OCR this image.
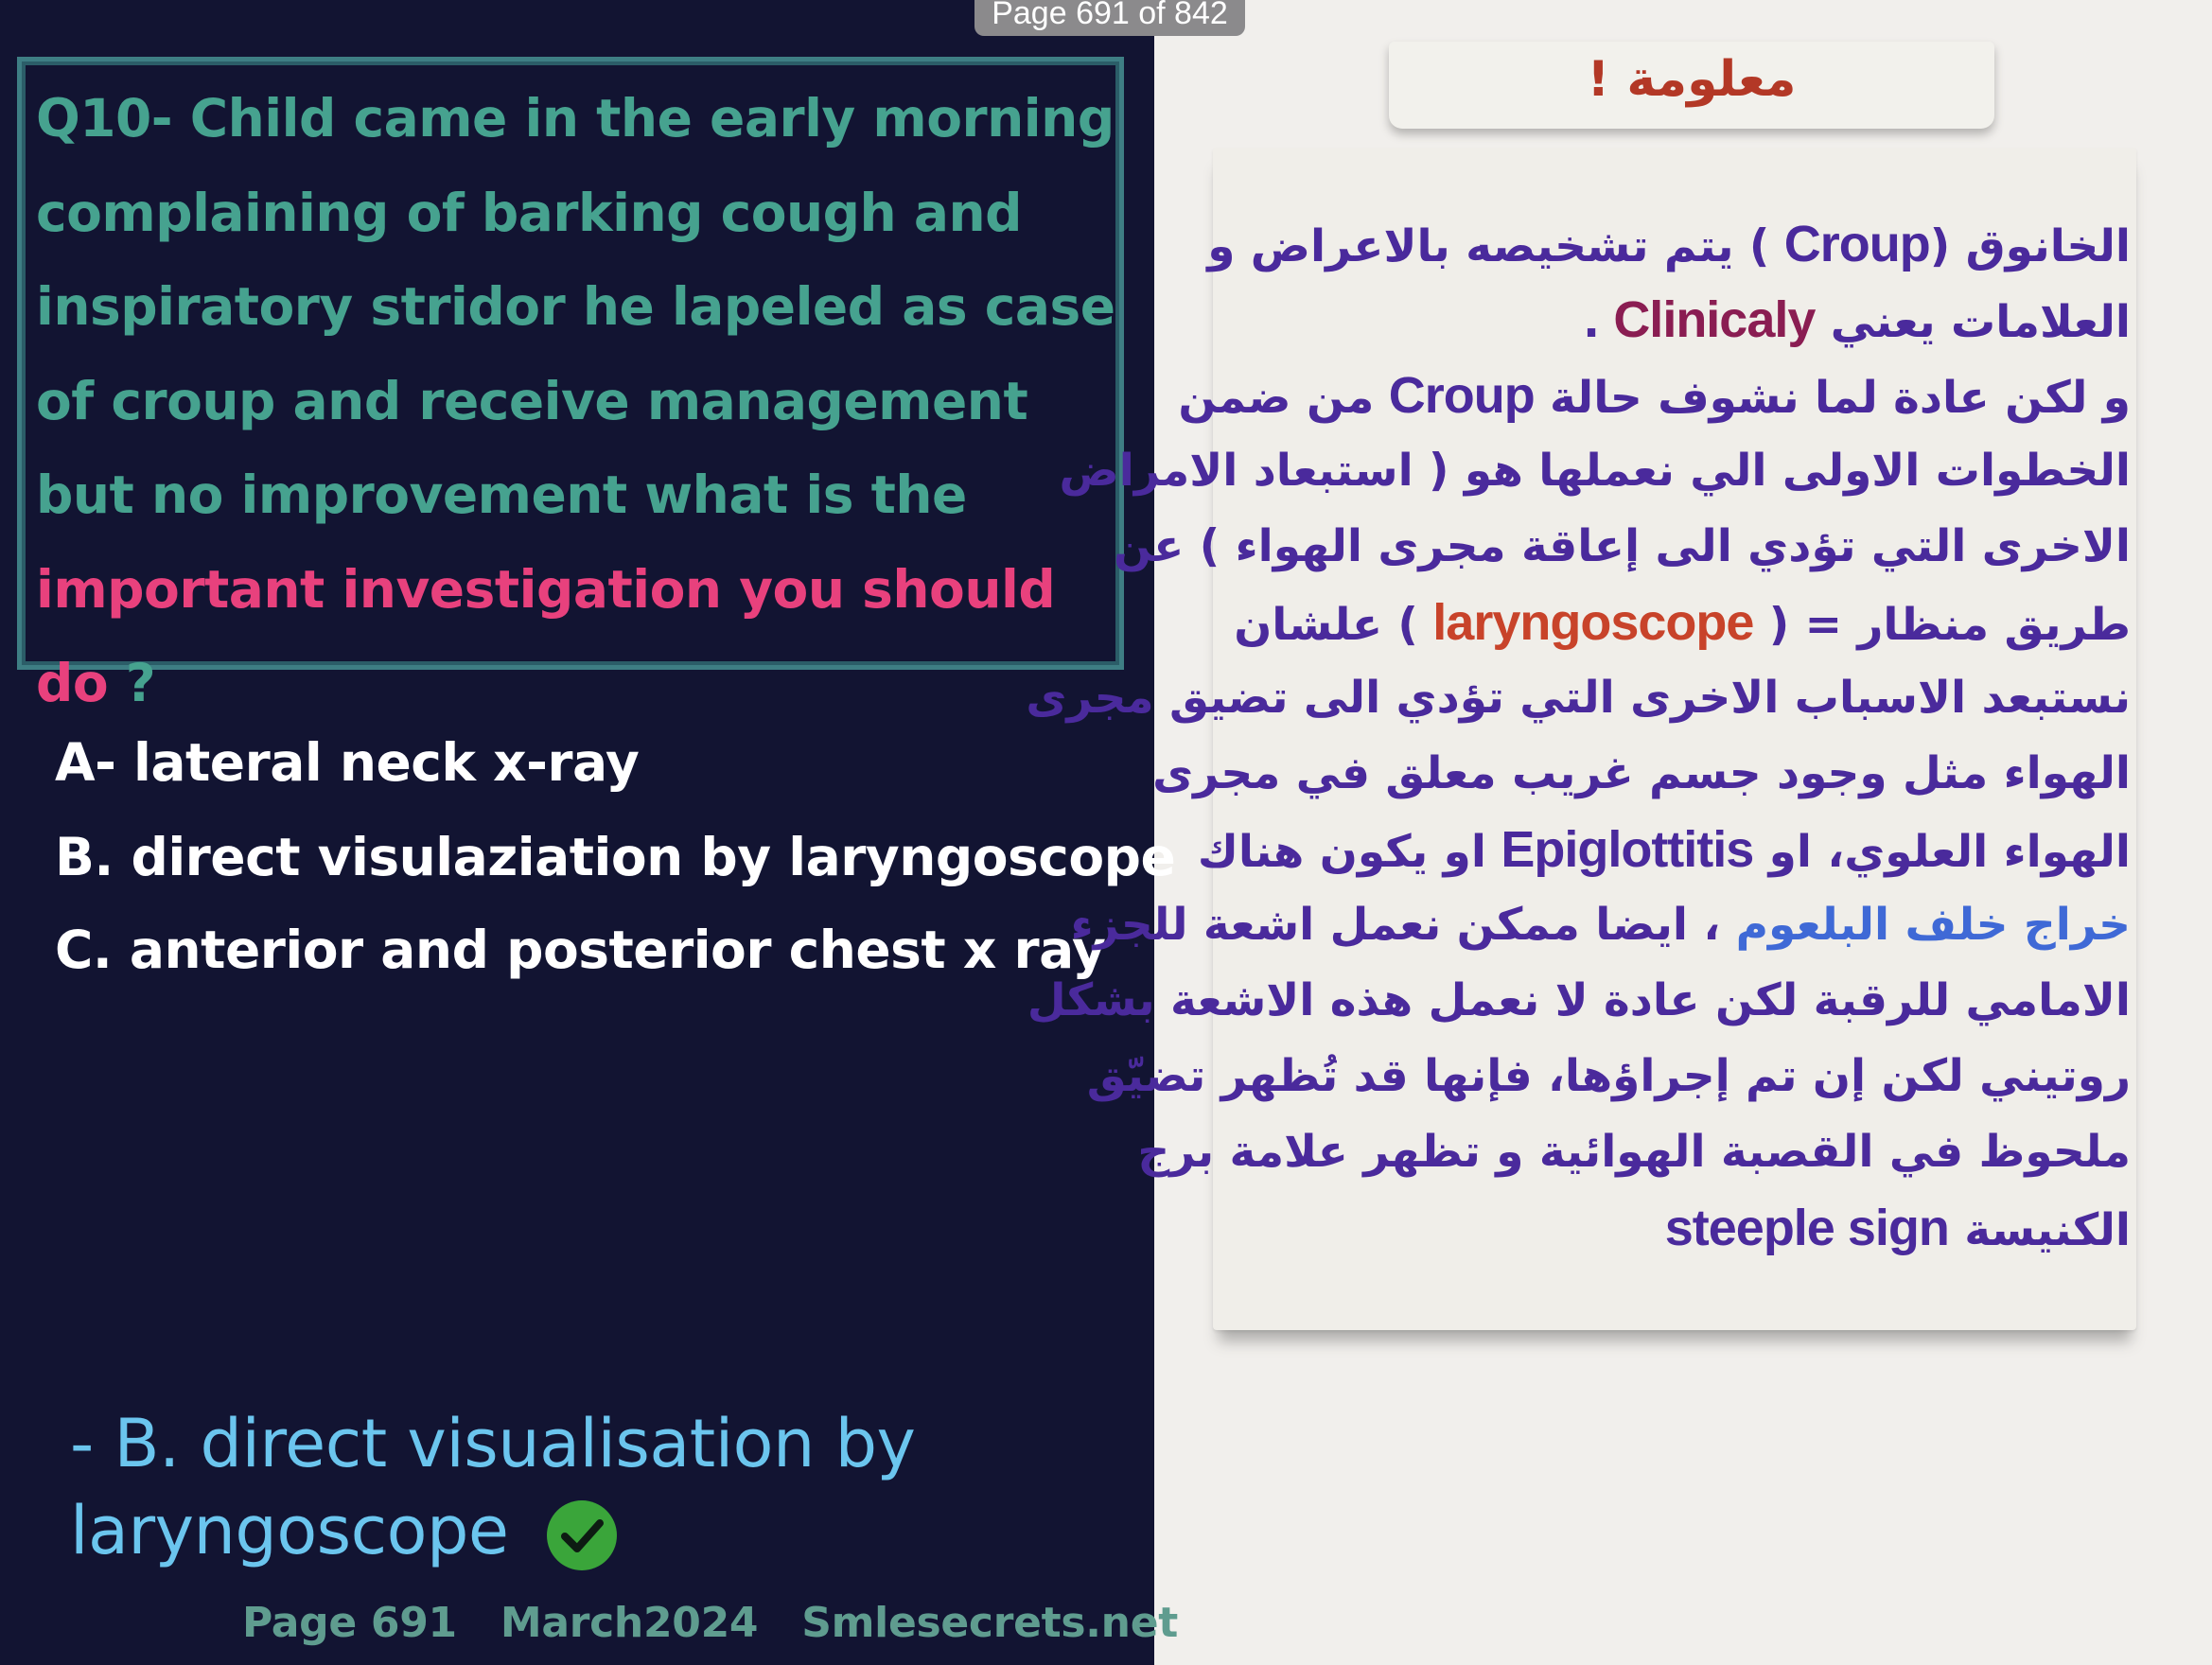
Q10- Child came in the early morning complaining of barking cough and inspiratory stridor he lapeled as case of croup and receive management but no improvement what is the important investigation you should do ?
A- lateral neck x-ray
B. direct visulaziation by laryngoscope
C. anterior and posterior chest x ray
- B. direct visualisation by laryngoscope
Page 691 March2024 Smlesecrets.net
Page 691 of 842
معلومة !
الخانوق (Croup ) يتم تشخيصه بالاعراض و
العلامات يعني Clinicaly .
و لكن عادة لما نشوف حالة Croup من ضمن
الخطوات الاولى الي نعملها هو ( استبعاد الامراض
الاخرى التي تؤدي الى إعاقة مجرى الهواء ) عن
طريق منظار = ( laryngoscope ) علشان
نستبعد الاسباب الاخرى التي تؤدي الى تضيق مجرى
الهواء مثل وجود جسم غريب معلق في مجرى
الهواء العلوي، او Epiglottitis او يكون هناك
خراج خلف البلعوم ، ايضا ممكن نعمل اشعة للجزء
الامامي للرقبة لكن عادة لا نعمل هذه الاشعة بشكل
روتيني لكن إن تم إجراؤها، فإنها قد تُظهر تضيّق
ملحوظ في القصبة الهوائية و تظهر علامة برج
الكنيسة steeple sign
